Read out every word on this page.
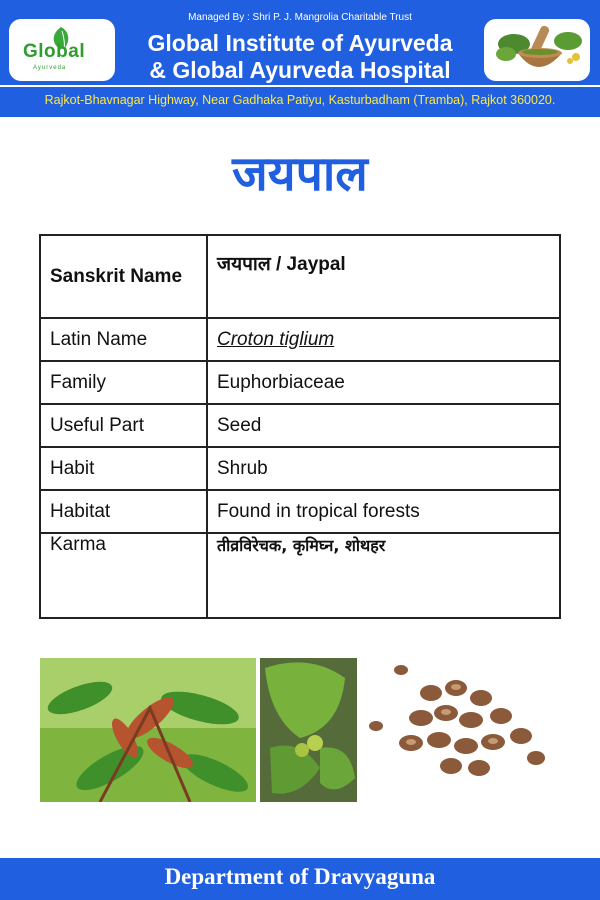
Global
Ayurveda
Managed By : Shri P. J. Mangrolia Charitable Trust
Global Institute of Ayurveda
& Global Ayurveda Hospital
Rajkot-Bhavnagar Highway, Near Gadhaka Patiyu, Kasturbadham (Tramba), Rajkot 360020.
जयपाल
Sanskrit Name	जयपाल / Jaypal
Latin Name	Croton tiglium
Family	Euphorbiaceae
Useful Part	Seed
Habit	Shrub
Habitat	Found in tropical forests
Karma	तीव्रविरेचक, कृमिघ्न, शोथहर
Department of Dravyaguna
